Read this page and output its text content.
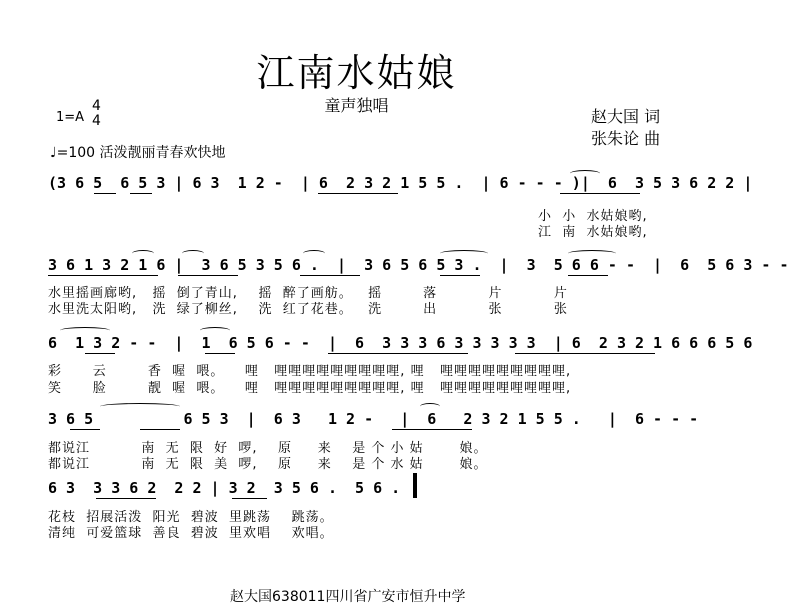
江南水姑娘
童声独唱
1=A
4
4
♩=100 活泼靓丽青春欢快地
赵大国 词
张朱论 曲
(3 6 5  6 5 3 | 6 3  1 2 -  | 6  2 3 2 1 5 5 .  | 6 - - - )|  6  3 5 3 6 2 2 |
小  小  水姑娘哟,
江  南  水姑娘哟,
3 6 1 3 2 1 6 |  3 6 5 3 5 6 .  |  3 6 5 6 5 3 .  |  3  5 6 6 - -  |  6  5 6 3 - -
水里摇画廊哟,   摇  倒了青山,    摇  醉了画舫。   摇        落          片          片
水里洗太阳哟,   洗  绿了柳丝,    洗  红了花巷。   洗        出          张          张
6  1 3 2 - -  |  1  6 5 6 - -  |  6  3 3 3 6 3 3 3 3 3  | 6  2 3 2 1 6 6 6 5 6
彩      云        香  喔  喂。    哩   哩哩哩哩哩哩哩哩哩, 哩   哩哩哩哩哩哩哩哩哩,
笑      脸        靓  喔  喂。    哩   哩哩哩哩哩哩哩哩哩, 哩   哩哩哩哩哩哩哩哩哩,
3 6 5          6 5 3  |  6 3   1 2 -   |  6   2 3 2 1 5 5 .   |  6 - - -
都说江          南  无  限  好  啰,    原     来    是 个 小 姑       娘。
都说江          南  无  限  美  啰,    原     来    是 个 水 姑       娘。
6 3  3 3 6 2  2 2 | 3 2  3 5 6 .  5 6 .
花枝  招展活泼  阳光  碧波  里跳荡    跳荡。
清纯  可爱篮球  善良  碧波  里欢唱    欢唱。
赵大国638011四川省广安市恒升中学
